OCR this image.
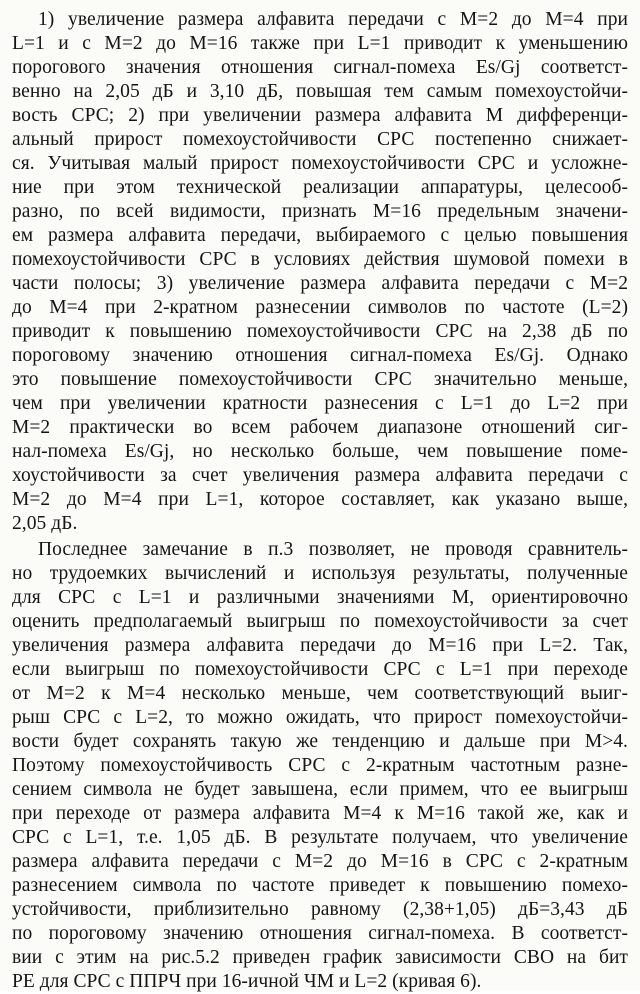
1) увеличение размера алфавита передачи с M=2 до M=4 при
L=1 и с M=2 до M=16 также при L=1 приводит к уменьшению
порогового значения отношения сигнал-помеха Es/Gj соответст-
венно на 2,05 дБ и 3,10 дБ, повышая тем самым помехоустойчи-
вость СРС; 2) при увеличении размера алфавита M дифференци-
альный прирост помехоустойчивости СРС постепенно снижает-
ся. Учитывая малый прирост помехоустойчивости СРС и усложне-
ние при этом технической реализации аппаратуры, целесооб-
разно, по всей видимости, признать M=16 предельным значени-
ем размера алфавита передачи, выбираемого с целью повышения
помехоустойчивости СРС в условиях действия шумовой помехи в
части полосы; 3) увеличение размера алфавита передачи с M=2
до M=4 при 2-кратном разнесении символов по частоте (L=2)
приводит к повышению помехоустойчивости СРС на 2,38 дБ по
пороговому значению отношения сигнал-помеха Es/Gj. Однако
это повышение помехоустойчивости СРС значительно меньше,
чем при увеличении кратности разнесения с L=1 до L=2 при
M=2 практически во всем рабочем диапазоне отношений сиг-
нал-помеха Es/Gj, но несколько больше, чем повышение поме-
хоустойчивости за счет увеличения размера алфавита передачи с
M=2 до M=4 при L=1, которое составляет, как указано выше,
2,05 дБ.
Последнее замечание в п.3 позволяет, не проводя сравнитель-
но трудоемких вычислений и используя результаты, полученные
для СРС с L=1 и различными значениями M, ориентировочно
оценить предполагаемый выигрыш по помехоустойчивости за счет
увеличения размера алфавита передачи до M=16 при L=2. Так,
если выигрыш по помехоустойчивости СРС с L=1 при переходе
от M=2 к M=4 несколько меньше, чем соответствующий выиг-
рыш СРС с L=2, то можно ожидать, что прирост помехоустойчи-
вости будет сохранять такую же тенденцию и дальше при M>4.
Поэтому помехоустойчивость СРС с 2-кратным частотным разне-
сением символа не будет завышена, если примем, что ее выигрыш
при переходе от размера алфавита M=4 к M=16 такой же, как и
СРС с L=1, т.е. 1,05 дБ. В результате получаем, что увеличение
размера алфавита передачи с M=2 до M=16 в СРС с 2-кратным
разнесением символа по частоте приведет к повышению помехо-
устойчивости, приблизительно равному (2,38+1,05) дБ=3,43 дБ
по пороговому значению отношения сигнал-помеха. В соответст-
вии с этим на рис.5.2 приведен график зависимости СВО на бит
PE для СРС с ППРЧ при 16-ичной ЧМ и L=2 (кривая 6).
